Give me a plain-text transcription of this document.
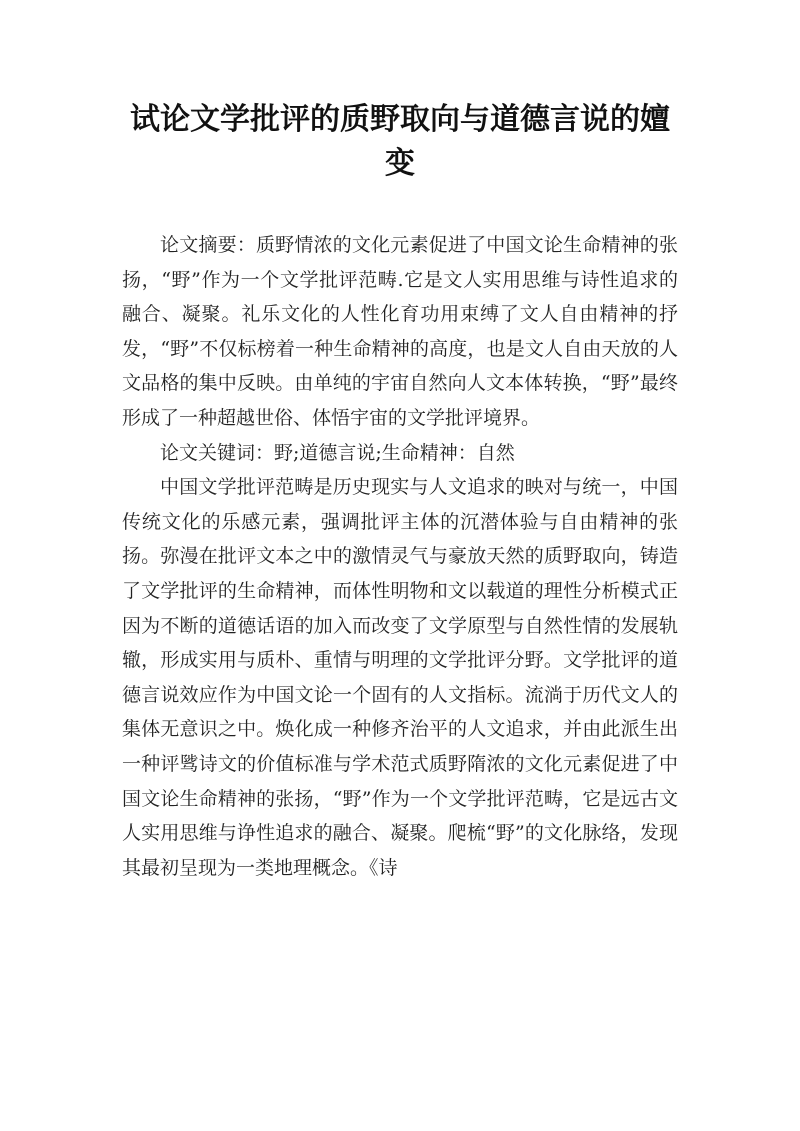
试论文学批评的质野取向与道德言说的嬗变

论文摘要：质野情浓的文化元素促进了中国文论生命精神的张扬，“野”作为一个文学批评范畴.它是文人实用思维与诗性追求的融合、凝聚。礼乐文化的人性化育功用束缚了文人自由精神的抒发，“野”不仅标榜着一种生命精神的高度，也是文人自由天放的人文品格的集中反映。由单纯的宇宙自然向人文本体转换，“野”最终形成了一种超越世俗、体悟宇宙的文学批评境界。

论文关键词：野;道德言说;生命精神：自然

中国文学批评范畴是历史现实与人文追求的映对与统一，中国传统文化的乐感元素，强调批评主体的沉潜体验与自由精神的张扬。弥漫在批评文本之中的激情灵气与豪放天然的质野取向，铸造了文学批评的生命精神，而体性明物和文以载道的理性分析模式正因为不断的道德话语的加入而改变了文学原型与自然性情的发展轨辙，形成实用与质朴、重情与明理的文学批评分野。文学批评的道德言说效应作为中国文论一个固有的人文指标。流淌于历代文人的集体无意识之中。焕化成一种修齐治平的人文追求，并由此派生出一种评骘诗文的价值标准与学术范式质野隋浓的文化元素促进了中国文论生命精神的张扬，“野”作为一个文学批评范畴，它是远古文人实用思维与诤性追求的融合、凝聚。爬梳“野”的文化脉络，发现其最初呈现为一类地理概念。《诗
